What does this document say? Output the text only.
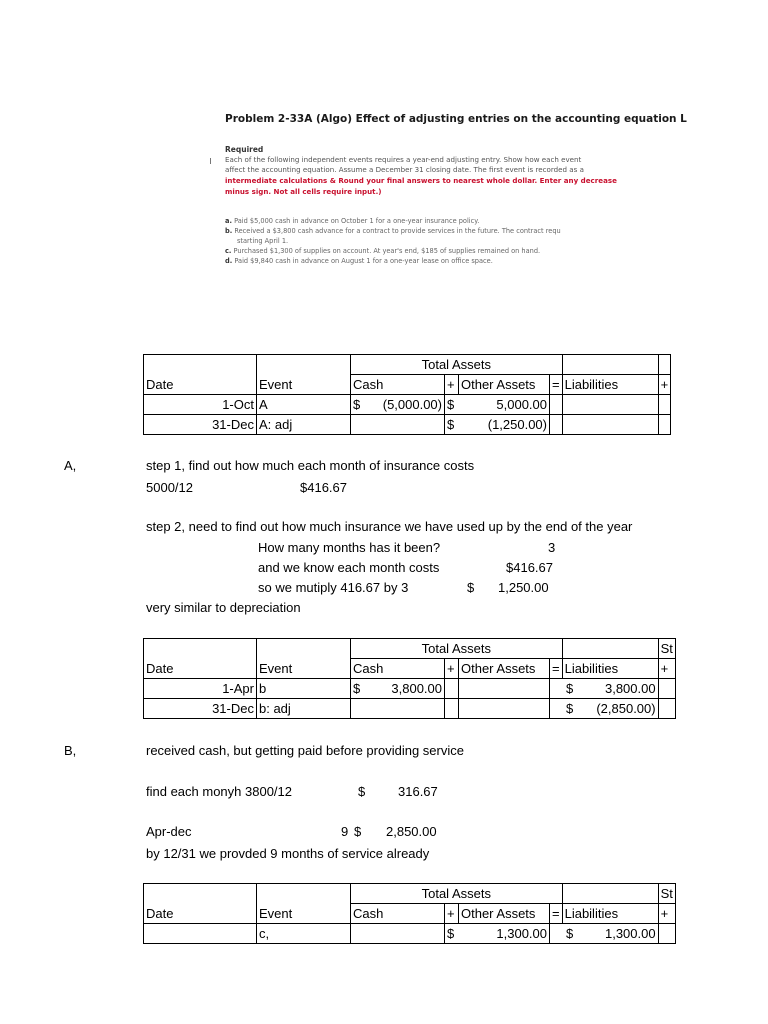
Problem 2-33A (Algo) Effect of adjusting entries on the accounting equation L
Required
Each of the following independent events requires a year-end adjusting entry. Show how each event
affect the accounting equation. Assume a December 31 closing date. The first event is recorded as a
intermediate calculations & Round your final answers to nearest whole dollar. Enter any decrease
minus sign. Not all cells require input.)
a. Paid $5,000 cash in advance on October 1 for a one-year insurance policy.
b. Received a $3,800 cash advance for a contract to provide services in the future. The contract requ
starting April 1.
c. Purchased $1,300 of supplies on account. At year's end, $185 of supplies remained on hand.
d. Paid $9,840 cash in advance on August 1 for a one-year lease on office space.
		Total Assets					
Date	Event	Cash	+	Other Assets	=	Liabilities	+
1-Oct	A	$ (5,000.00)	$ 5,000.00				

31-Dec	A: adj		$ (1,250.00)				

A,	step 1, find out how much each month of insurance costs
5000/12	$416.67
step 2, need to find out how much insurance we have used up by the end of the year
How many months has it been?	3
and we know each month costs	$416.67
so we mutiply 416.67 by 3	$ 1,250.00
very similar to depreciation
		Total Assets					St
Date	Event	Cash	+	Other Assets	=	Liabilities	+
1-Apr	b	$ 3,800.00			$ 3,800.00		

31-Dec	b: adj				$ (2,850.00)		

B,	received cash, but getting paid before providing service
find each monyh 3800/12	$	316.67
Apr-dec	9 $ 2,850.00
by 12/31 we provded 9 months of service already
		Total Assets					St
Date	Event	Cash	+	Other Assets	=	Liabilities	+
	c,		$ 1,300.00		$ 1,300.00		
